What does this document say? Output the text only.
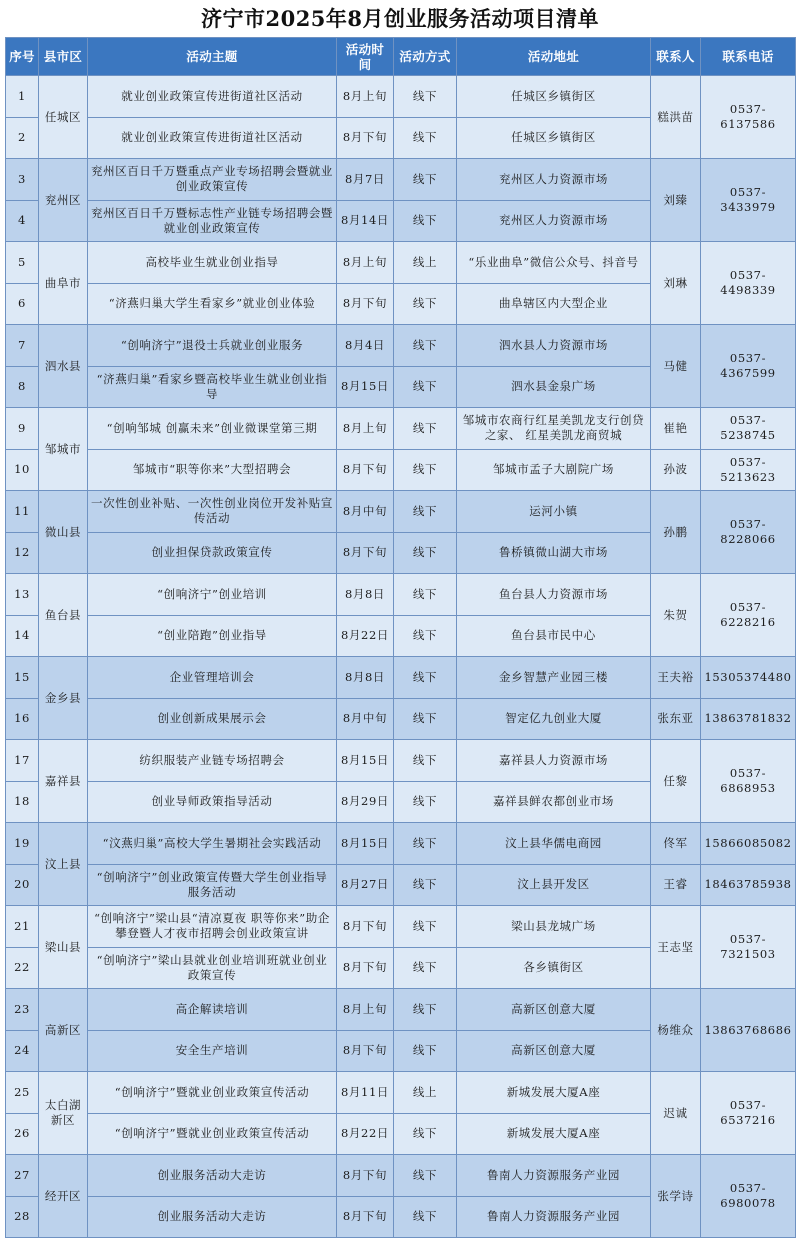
济宁市2025年8月创业服务活动项目清单
序号	县市区	活动主题	活动时间	活动方式	活动地址	联系人	联系电话
1	任城区	就业创业政策宣传进街道社区活动	8月上旬	线下	任城区乡镇街区	糕洪苗	0537-6137586
2		就业创业政策宣传进街道社区活动	8月下旬	线下	任城区乡镇街区		
3	兖州区	兖州区百日千万暨重点产业专场招聘会暨就业创业政策宣传	8月7日	线下	兖州区人力资源市场	刘臻	0537-3433979
4		兖州区百日千万暨标志性产业链专场招聘会暨就业创业政策宣传	8月14日	线下	兖州区人力资源市场		
5	曲阜市	高校毕业生就业创业指导	8月上旬	线上	“乐业曲阜”微信公众号、抖音号	刘琳	0537-4498339
6		“济燕归巢大学生看家乡”就业创业体验	8月下旬	线下	曲阜辖区内大型企业		
7	泗水县	“创响济宁”退役士兵就业创业服务	8月4日	线下	泗水县人力资源市场	马健	0537-4367599
8		“济燕归巢”看家乡暨高校毕业生就业创业指导	8月15日	线下	泗水县金泉广场		
9	邹城市	“创响邹城 创赢未来”创业微课堂第三期	8月上旬	线下	邹城市农商行红星美凯龙支行创贷之家、 红星美凯龙商贸城	崔艳	0537-5238745
10		邹城市“职等你来”大型招聘会	8月下旬	线下	邹城市孟子大剧院广场	孙波	0537-5213623
11	微山县	一次性创业补贴、一次性创业岗位开发补贴宣传活动	8月中旬	线下	运河小镇	孙鹏	0537-8228066
12		创业担保贷款政策宣传	8月下旬	线下	鲁桥镇微山湖大市场		
13	鱼台县	“创响济宁”创业培训	8月8日	线下	鱼台县人力资源市场	朱贺	0537-6228216
14		“创业陪跑”创业指导	8月22日	线下	鱼台县市民中心		
15	金乡县	企业管理培训会	8月8日	线下	金乡智慧产业园三楼	王夫裕	15305374480
16		创业创新成果展示会	8月中旬	线下	智定亿九创业大厦	张东亚	13863781832
17	嘉祥县	纺织服装产业链专场招聘会	8月15日	线下	嘉祥县人力资源市场	任黎	0537-6868953
18		创业导师政策指导活动	8月29日	线下	嘉祥县鲜农都创业市场		
19	汶上县	“汶燕归巢”高校大学生暑期社会实践活动	8月15日	线下	汶上县华儒电商园	佟军	15866085082
20		“创响济宁”创业政策宣传暨大学生创业指导服务活动	8月27日	线下	汶上县开发区	王睿	18463785938
21	梁山县	“创响济宁”梁山县“清凉夏夜 职等你来”助企攀登暨人才夜市招聘会创业政策宣讲	8月下旬	线下	梁山县龙城广场	王志坚	0537-7321503
22		“创响济宁”梁山县就业创业培训班就业创业政策宣传	8月下旬	线下	各乡镇街区		
23	高新区	高企解读培训	8月上旬	线下	高新区创意大厦	杨维众	13863768686
24		安全生产培训	8月下旬	线下	高新区创意大厦		
25	太白湖新区	“创响济宁”暨就业创业政策宣传活动	8月11日	线上	新城发展大厦A座	迟诚	0537-6537216
26		“创响济宁”暨就业创业政策宣传活动	8月22日	线下	新城发展大厦A座		
27	经开区	创业服务活动大走访	8月下旬	线下	鲁南人力资源服务产业园	张学诗	0537-6980078
28		创业服务活动大走访	8月下旬	线下	鲁南人力资源服务产业园		
